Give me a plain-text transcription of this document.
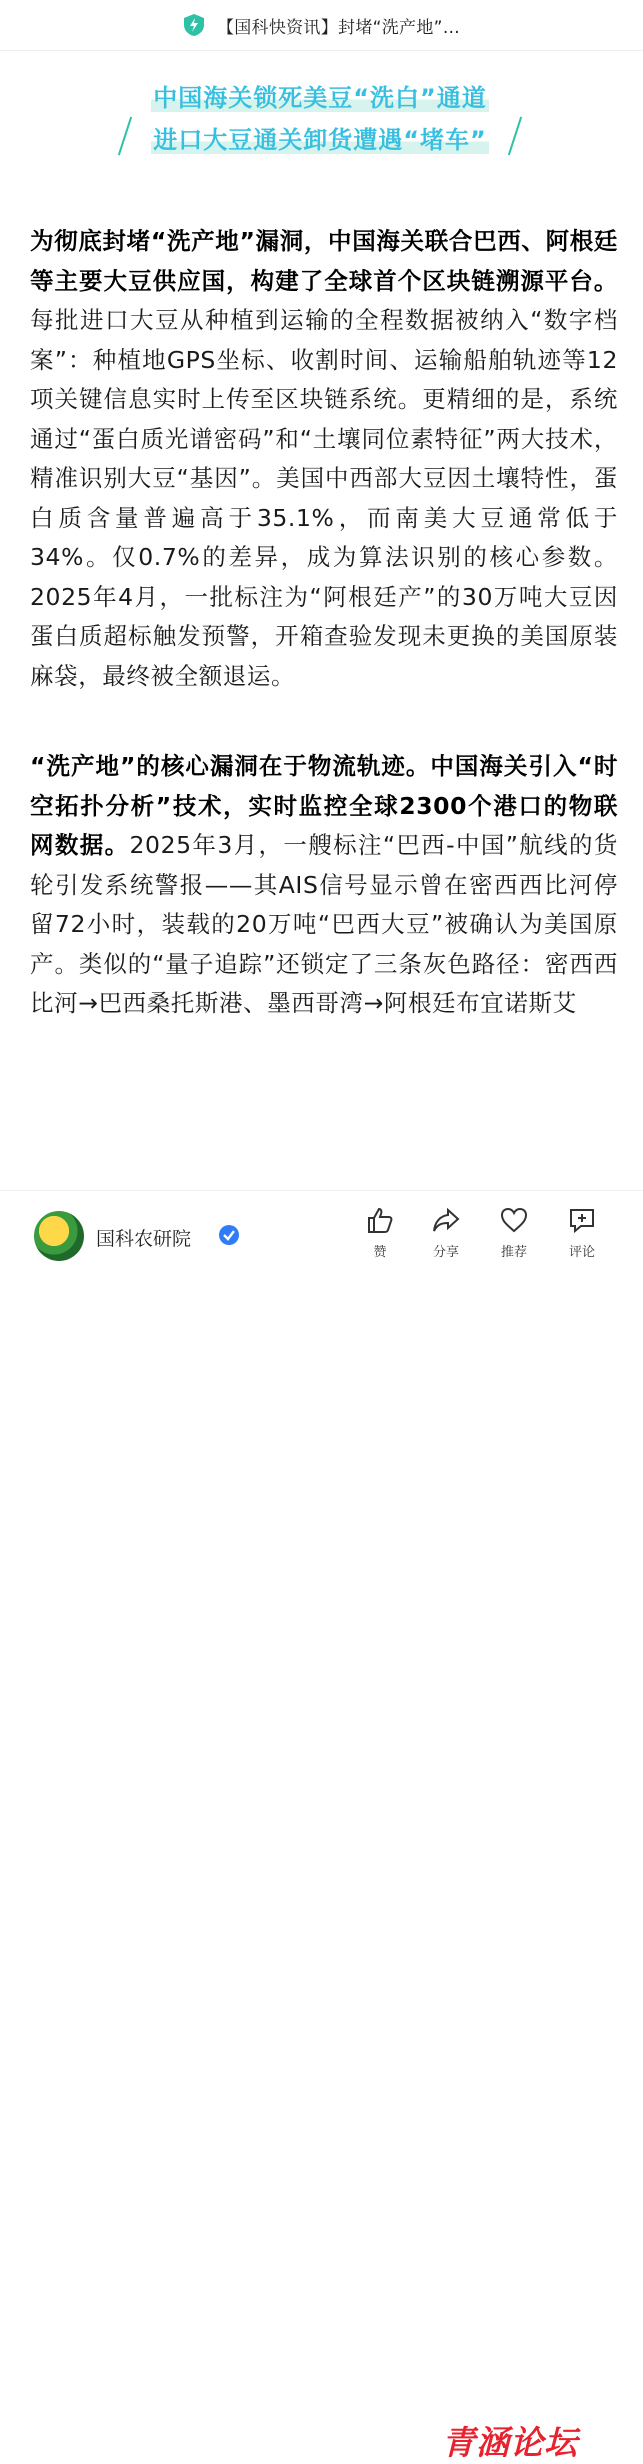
【国科快资讯】封堵“洗产地”…
中国海关锁死美豆“洗白”通道
进口大豆通关卸货遭遇“堵车”

为彻底封堵“洗产地”漏洞，中国海关联合巴西、阿根廷等主要大豆供应国，构建了全球首个区块链溯源平台。每批进口大豆从种植到运输的全程数据被纳入“数字档案”：种植地GPS坐标、收割时间、运输船舶轨迹等12项关键信息实时上传至区块链系统。更精细的是，系统通过“蛋白质光谱密码”和“土壤同位素特征”两大技术，精准识别大豆“基因”。美国中西部大豆因土壤特性，蛋白质含量普遍高于35.1%，而南美大豆通常低于34%。仅0.7%的差异，成为算法识别的核心参数。2025年4月，一批标注为“阿根廷产”的30万吨大豆因蛋白质超标触发预警，开箱查验发现未更换的美国原装麻袋，最终被全额退运。

“洗产地”的核心漏洞在于物流轨迹。中国海关引入“时空拓扑分析”技术，实时监控全球2300个港口的物联网数据。2025年3月，一艘标注“巴西-中国”航线的货轮引发系统警报——其AIS信号显示曾在密西西比河停留72小时，装载的20万吨“巴西大豆”被确认为美国原产。类似的“量子追踪”还锁定了三条灰色路径：密西西比河→巴西桑托斯港、墨西哥湾→阿根廷布宜诺斯艾

国科农研院
赞	分享	推荐	评论
青涵论坛
